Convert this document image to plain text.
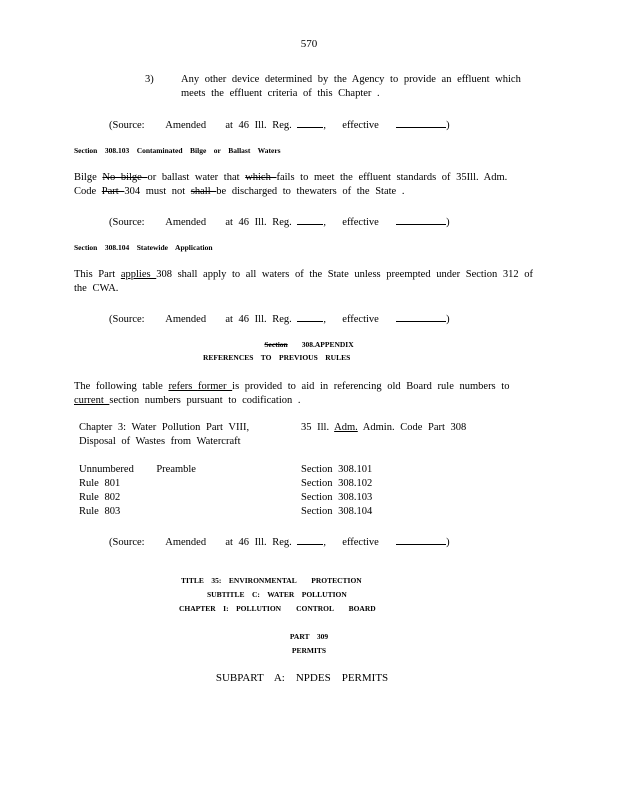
570
3)	Any other device determined by the Agency to provide an effluent which
meets the effluent criteria of this Chapter .
(Source: Amended at 46 Ill. Reg.	, effective	)
Section    308.103    Contaminated    Bilge    or    Ballast    Waters
Bilge No bilge or ballast water that which fails to meet the effluent standards of 35Ill. Adm.
Code Part 304 must not shall be discharged to thewaters of the State .
(Source: Amended at 46 Ill. Reg.	, effective	)
Section    308.104    Statewide    Application
This Part applies 308 shall apply to all waters of the State unless preempted under Section 312 of
the CWA.
(Source: Amended at 46 Ill. Reg.	, effective	)
Section 308.APPENDIX
REFERENCES    TO    PREVIOUS    RULES
The following table refers former is provided to aid in referencing old Board rule numbers to
current section numbers pursuant to codification .
Chapter 3: Water Pollution Part VIII,
Disposal of Wastes from Watercraft
35 Ill. Adm. Admin. Code Part 308
Unnumbered    Preamble	Section 308.101
Rule 801	Section 308.102
Rule 802	Section 308.103
Rule 803	Section 308.104
(Source: Amended at 46 Ill. Reg.	, effective	)
TITLE    35:    ENVIRONMENTAL        PROTECTION
SUBTITLE    C:    WATER    POLLUTION
CHAPTER    I:    POLLUTION        CONTROL        BOARD
PART    309
PERMITS
SUBPART    A:    NPDES    PERMITS
